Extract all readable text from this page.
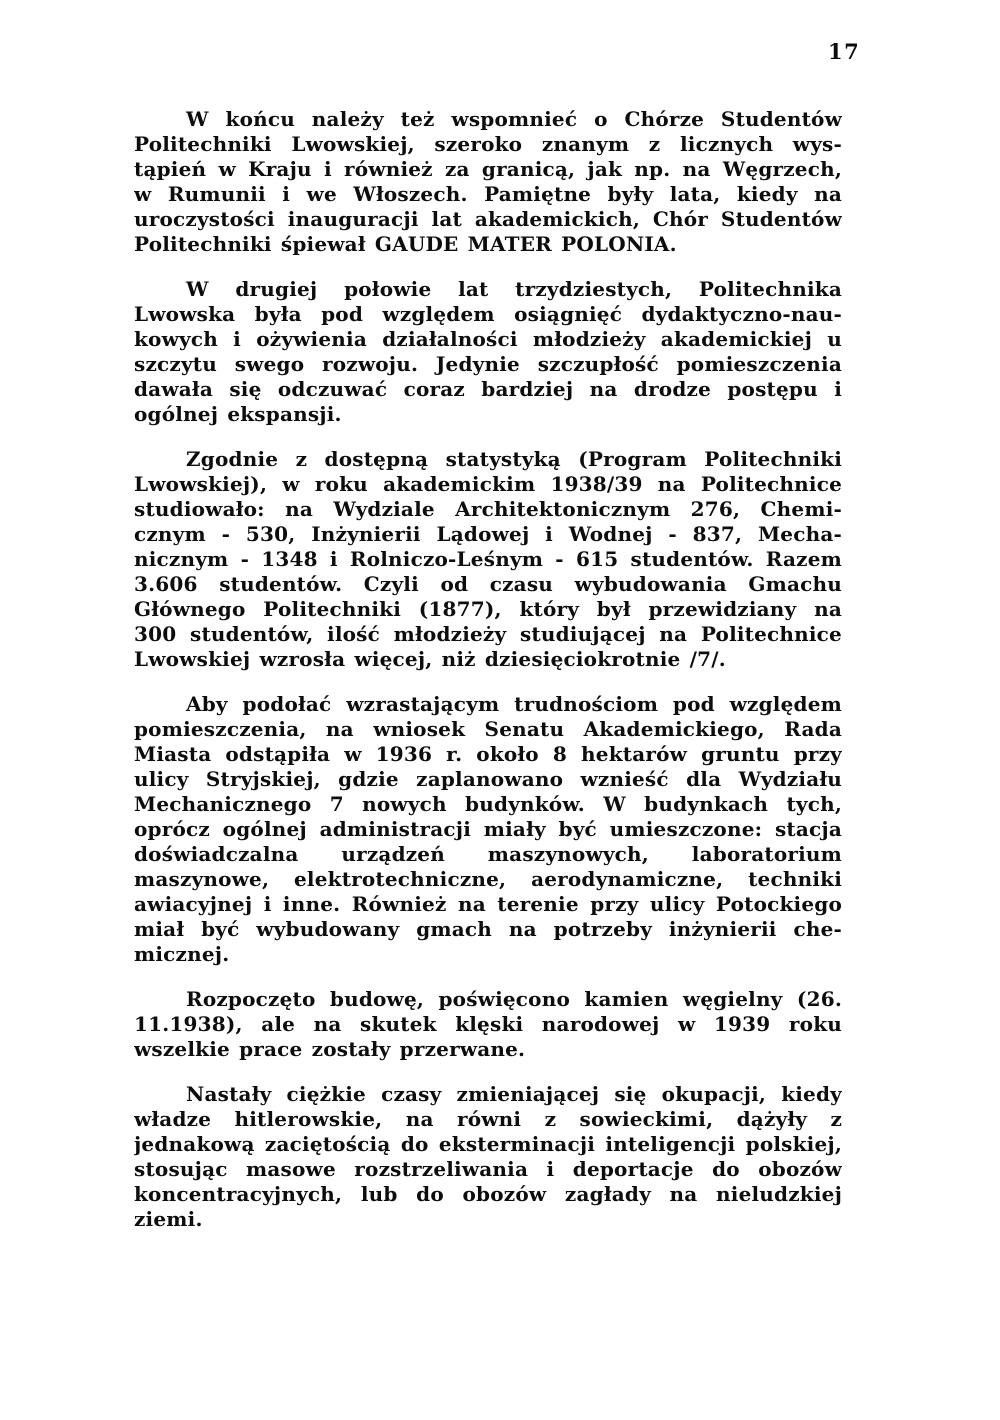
17
W końcu należy też wspomnieć o Chórze Studentów
Politechniki Lwowskiej, szeroko znanym z licznych wys-
tąpień w Kraju i również za granicą, jak np. na Węgrzech,
w Rumunii i we Włoszech. Pamiętne były lata, kiedy na
uroczystości inauguracji lat akademickich, Chór Studentów
Politechniki śpiewał GAUDE MATER POLONIA.
W drugiej połowie lat trzydziestych, Politechnika
Lwowska była pod względem osiągnięć dydaktyczno-nau-
kowych i ożywienia działalności młodzieży akademickiej u
szczytu swego rozwoju. Jedynie szczupłość pomieszczenia
dawała się odczuwać coraz bardziej na drodze postępu i
ogólnej ekspansji.
Zgodnie z dostępną statystyką (Program Politechniki
Lwowskiej), w roku akademickim 1938/39 na Politechnice
studiowało: na Wydziale Architektonicznym 276, Chemi-
cznym - 530, Inżynierii Lądowej i Wodnej - 837, Mecha-
nicznym - 1348 i Rolniczo-Leśnym - 615 studentów. Razem
3.606 studentów. Czyli od czasu wybudowania Gmachu
Głównego Politechniki (1877), który był przewidziany na
300 studentów, ilość młodzieży studiującej na Politechnice
Lwowskiej wzrosła więcej, niż dziesięciokrotnie /7/.
Aby podołać wzrastającym trudnościom pod względem
pomieszczenia, na wniosek Senatu Akademickiego, Rada
Miasta odstąpiła w 1936 r. około 8 hektarów gruntu przy
ulicy Stryjskiej, gdzie zaplanowano wznieść dla Wydziału
Mechanicznego 7 nowych budynków. W budynkach tych,
oprócz ogólnej administracji miały być umieszczone: stacja
doświadczalna urządzeń maszynowych, laboratorium
maszynowe, elektrotechniczne, aerodynamiczne, techniki
awiacyjnej i inne. Również na terenie przy ulicy Potockiego
miał być wybudowany gmach na potrzeby inżynierii che-
micznej.
Rozpoczęto budowę, poświęcono kamien węgielny (26.
11.1938), ale na skutek klęski narodowej w 1939 roku
wszelkie prace zostały przerwane.
Nastały ciężkie czasy zmieniającej się okupacji, kiedy
władze hitlerowskie, na równi z sowieckimi, dążyły z
jednakową zaciętością do eksterminacji inteligencji polskiej,
stosując masowe rozstrzeliwania i deportacje do obozów
koncentracyjnych, lub do obozów zagłady na nieludzkiej
ziemi.
